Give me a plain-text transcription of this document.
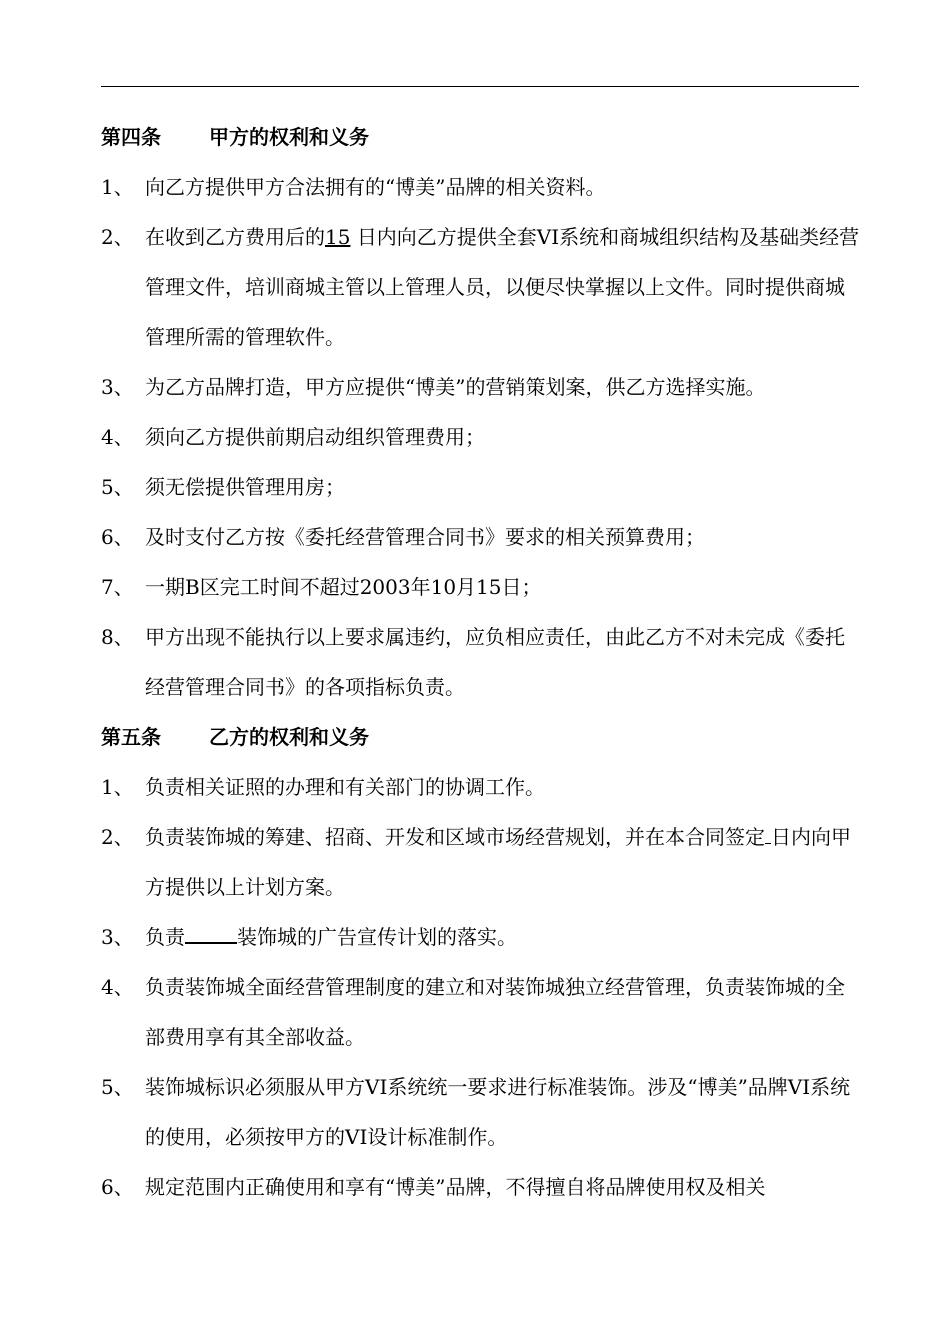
第四条 甲方的权利和义务
1、 向乙方提供甲方合法拥有的“博美”品牌的相关资料。
2、 在收到乙方费用后的15 日内向乙方提供全套VI系统和商城组织结构及基础类经营管理文件，培训商城主管以上管理人员，以便尽快掌握以上文件。同时提供商城管理所需的管理软件。
3、 为乙方品牌打造，甲方应提供“博美”的营销策划案，供乙方选择实施。
4、 须向乙方提供前期启动组织管理费用；
5、 须无偿提供管理用房；
6、 及时支付乙方按《委托经营管理合同书》要求的相关预算费用；
7、 一期B区完工时间不超过2003年10月15日；
8、 甲方出现不能执行以上要求属违约，应负相应责任，由此乙方不对未完成《委托经营管理合同书》的各项指标负责。
第五条 乙方的权利和义务
1、 负责相关证照的办理和有关部门的协调工作。
2、 负责装饰城的筹建、招商、开发和区域市场经营规划，并在本合同签定 日内向甲方提供以上计划方案。
3、 负责	装饰城的广告宣传计划的落实。
4、 负责装饰城全面经营管理制度的建立和对装饰城独立经营管理，负责装饰城的全部费用享有其全部收益。
5、 装饰城标识必须服从甲方VI系统统一要求进行标准装饰。涉及“博美”品牌VI系统的使用，必须按甲方的VI设计标准制作。
6、 规定范围内正确使用和享有“博美”品牌，不得擅自将品牌使用权及相关
